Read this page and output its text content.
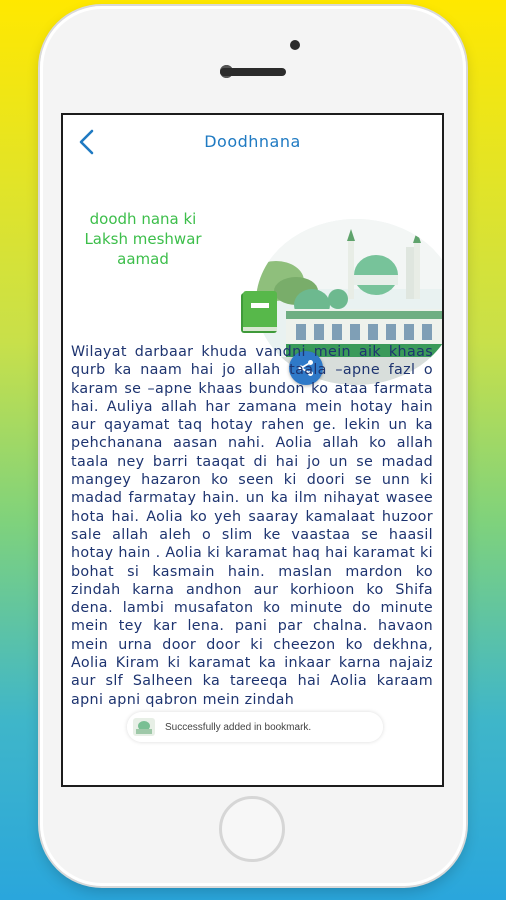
Doodhnana
doodh nana ki Laksh meshwar aamad
Wilayat darbaar khuda vandni mein aik khaas qurb ka naam hai jo allah taala –apne fazl o karam se –apne khaas bundon ko ataa farmata hai. Auliya allah har zamana mein hotay hain aur qayamat taq hotay rahen ge. lekin un ka pehchanana aasan nahi. Aolia allah ko allah taala ney barri taaqat di hai jo un se madad mangey hazaron ko seen ki doori se unn ki madad farmatay hain. un ka ilm nihayat wasee hota hai. Aolia ko yeh saaray kamalaat huzoor sale allah aleh o slim ke vaastaa se haasil hotay hain . Aolia ki karamat haq hai karamat ki bohat si kasmain hain. maslan mardon ko zindah karna andhon aur korhioon ko Shifa dena. lambi musafaton ko minute do minute mein tey kar lena. pani par chalna. havaon mein urna door door ki cheezon ko dekhna, Aolia Kiram ki karamat ka inkaar karna najaiz aur slf Salheen ka tareeqa hai Aolia karaam apni apni qabron mein zindah
Successfully added in bookmark.
